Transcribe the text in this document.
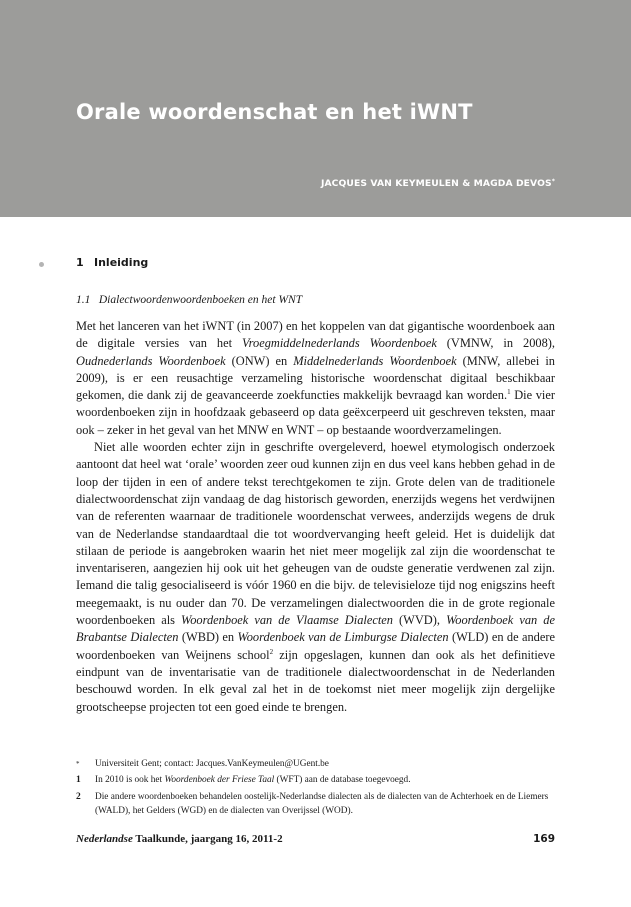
Orale woordenschat en het iWNT

JACQUES VAN KEYMEULEN & MAGDA DEVOS*

1 Inleiding
1.1 Dialectwoordenwoordenboeken en het WNT

Met het lanceren van het iWNT (in 2007) en het koppelen van dat gigantische woordenboek aan de digitale versies van het Vroegmiddelnederlands Woordenboek (VMNW, in 2008), Oudnederlands Woordenboek (ONW) en Middelnederlands Woordenboek (MNW, allebei in 2009), is er een reusachtige verzameling historische woordenschat digitaal beschikbaar gekomen, die dank zij de geavanceerde zoekfuncties makkelijk bevraagd kan worden.$^1$ Die vier woordenboeken zijn in hoofdzaak gebaseerd op data geëxcerpeerd uit geschreven teksten, maar ook – zeker in het geval van het MNW en WNT – op bestaande woordverzamelingen.

Niet alle woorden echter zijn in geschrifte overgeleverd, hoewel etymologisch onderzoek aantoont dat heel wat ‘orale’ woorden zeer oud kunnen zijn en dus veel kans hebben gehad in de loop der tijden in een of andere tekst terechtgekomen te zijn. Grote delen van de traditionele dialectwoordenschat zijn vandaag de dag historisch geworden, enerzijds wegens het verdwijnen van de referenten waarnaar de traditionele woordenschat verwees, anderzijds wegens de druk van de Nederlandse standaardtaal die tot woordvervanging heeft geleid. Het is duidelijk dat stilaan de periode is aangebroken waarin het niet meer mogelijk zal zijn die woordenschat te inventariseren, aangezien hij ook uit het geheugen van de oudste generatie verdwenen zal zijn. Iemand die talig gesocialiseerd is vóór 1960 en die bijv. de televisieloze tijd nog enigszins heeft meegemaakt, is nu ouder dan 70. De verzamelingen dialectwoorden die in de grote regionale woordenboeken als Woordenboek van de Vlaamse Dialecten (WVD), Woordenboek van de Brabantse Dialecten (WBD) en Woordenboek van de Limburgse Dialecten (WLD) en de andere woordenboeken van Weijnens school$^2$ zijn opgeslagen, kunnen dan ook als het definitieve eindpunt van de inventarisatie van de traditionele dialectwoordenschat in de Nederlanden beschouwd worden. In elk geval zal het in de toekomst niet meer mogelijk zijn dergelijke grootscheepse projecten tot een goed einde te brengen.

*	Universiteit Gent; contact: Jacques.VanKeymeulen@UGent.be
1	In 2010 is ook het Woordenboek der Friese Taal (WFT) aan de database toegevoegd.
2	Die andere woordenboeken behandelen oostelijk-Nederlandse dialecten als de dialecten van de Achterhoek en de Liemers (WALD), het Gelders (WGD) en de dialecten van Overijssel (WOD).
Nederlandse Taalkunde, jaargang 16, 2011-2	169
